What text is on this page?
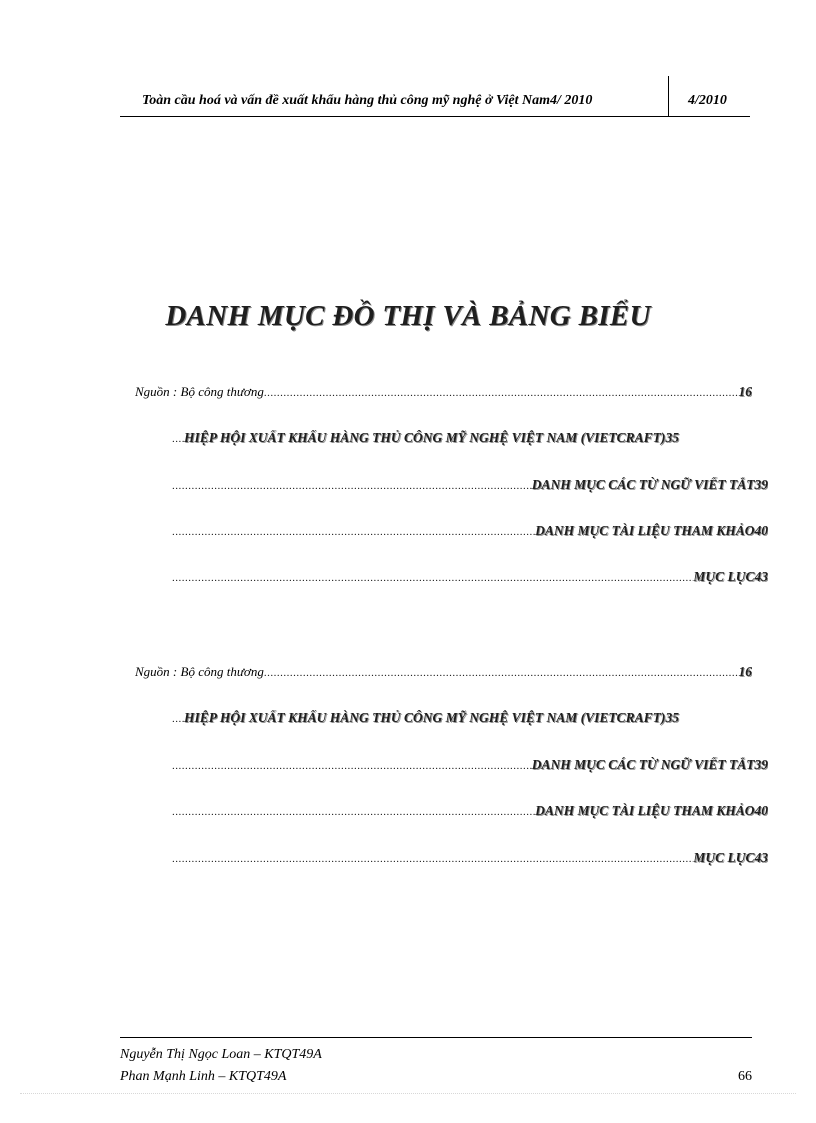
Toàn cầu hoá và vấn đề xuất khẩu hàng thủ công mỹ nghệ ở Việt Nam4/ 2010	4/2010
DANH MỤC ĐỒ THỊ VÀ BẢNG BIỂU
Nguồn : Bộ công thương .....	16
.....
HIỆP HỘI XUẤT KHẨU HÀNG THỦ CÔNG MỸ NGHỆ VIỆT NAM (VIETCRAFT) 35
.....
DANH MỤC CÁC TỪ NGỮ VIẾT TẮT 39
.....
DANH MỤC TÀI LIỆU THAM KHẢO 40
.....
MỤC LỤC 43
Nguồn : Bộ công thương .....	16
.....
HIỆP HỘI XUẤT KHẨU HÀNG THỦ CÔNG MỸ NGHỆ VIỆT NAM (VIETCRAFT) 35
.....
DANH MỤC CÁC TỪ NGỮ VIẾT TẮT 39
.....
DANH MỤC TÀI LIỆU THAM KHẢO 40
.....
MỤC LỤC 43
Nguyễn Thị Ngọc Loan – KTQT49A
Phan Mạnh Linh – KTQT49A	66
